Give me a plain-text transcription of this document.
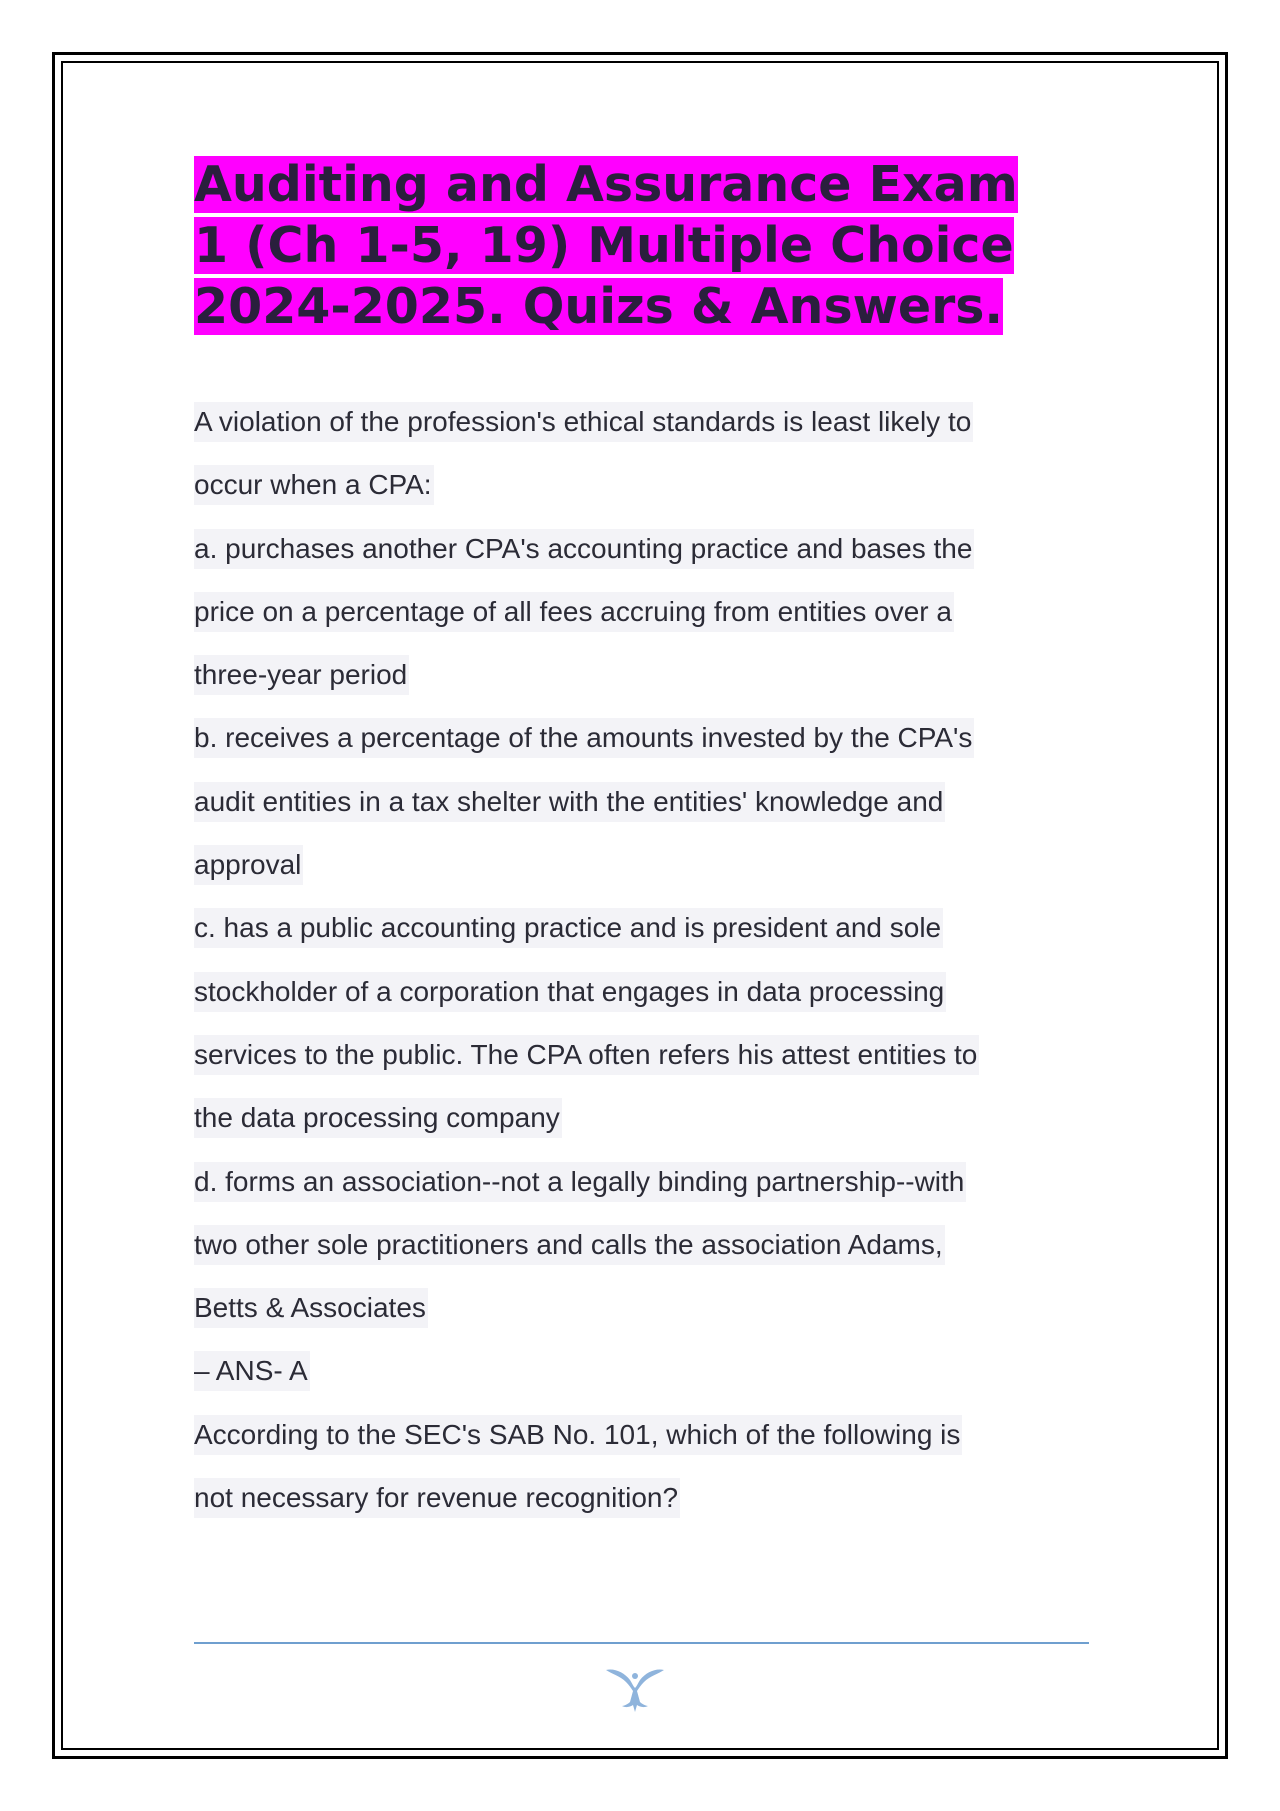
Auditing and Assurance Exam
1 (Ch 1-5, 19) Multiple Choice
2024-2025. Quizs & Answers.
A violation of the profession's ethical standards is least likely to
occur when a CPA:
a. purchases another CPA's accounting practice and bases the
price on a percentage of all fees accruing from entities over a
three-year period
b. receives a percentage of the amounts invested by the CPA's
audit entities in a tax shelter with the entities' knowledge and
approval
c. has a public accounting practice and is president and sole
stockholder of a corporation that engages in data processing
services to the public. The CPA often refers his attest entities to
the data processing company
d. forms an association--not a legally binding partnership--with
two other sole practitioners and calls the association Adams,
Betts & Associates
– ANS- A
According to the SEC's SAB No. 101, which of the following is
not necessary for revenue recognition?
